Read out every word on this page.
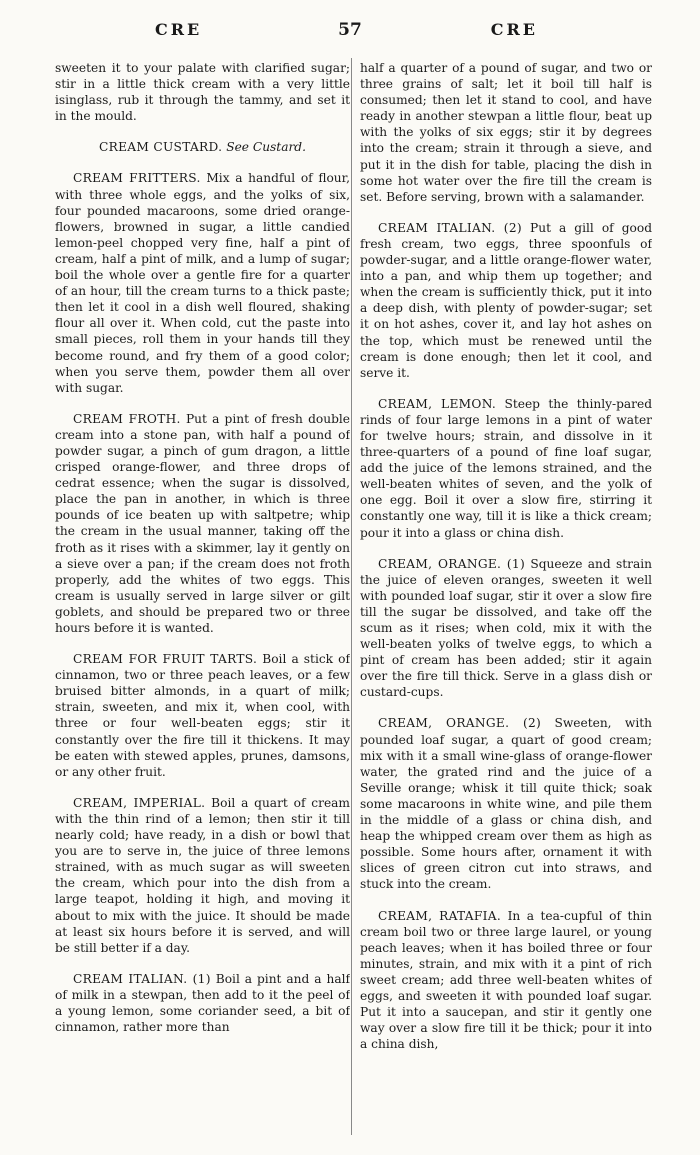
CRE	57	CRE

sweeten it to your palate with clarified sugar; stir in a little thick cream with a very little isinglass, rub it through the tammy, and set it in the mould.

CREAM CUSTARD. See Custard.

CREAM FRITTERS. Mix a handful of flour, with three whole eggs, and the yolks of six, four pounded macaroons, some dried orange-flowers, browned in sugar, a little candied lemon-peel chopped very fine, half a pint of cream, half a pint of milk, and a lump of sugar; boil the whole over a gentle fire for a quarter of an hour, till the cream turns to a thick paste; then let it cool in a dish well floured, shaking flour all over it. When cold, cut the paste into small pieces, roll them in your hands till they become round, and fry them of a good color; when you serve them, powder them all over with sugar.

CREAM FROTH. Put a pint of fresh double cream into a stone pan, with half a pound of powder sugar, a pinch of gum dragon, a little crisped orange-flower, and three drops of cedrat essence; when the sugar is dissolved, place the pan in another, in which is three pounds of ice beaten up with saltpetre; whip the cream in the usual manner, taking off the froth as it rises with a skimmer, lay it gently on a sieve over a pan; if the cream does not froth properly, add the whites of two eggs. This cream is usually served in large silver or gilt goblets, and should be prepared two or three hours before it is wanted.

CREAM FOR FRUIT TARTS. Boil a stick of cinnamon, two or three peach leaves, or a few bruised bitter almonds, in a quart of milk; strain, sweeten, and mix it, when cool, with three or four well-beaten eggs; stir it constantly over the fire till it thickens. It may be eaten with stewed apples, prunes, damsons, or any other fruit.

CREAM, IMPERIAL. Boil a quart of cream with the thin rind of a lemon; then stir it till nearly cold; have ready, in a dish or bowl that you are to serve in, the juice of three lemons strained, with as much sugar as will sweeten the cream, which pour into the dish from a large teapot, holding it high, and moving it about to mix with the juice. It should be made at least six hours before it is served, and will be still better if a day.

CREAM ITALIAN. (1) Boil a pint and a half of milk in a stewpan, then add to it the peel of a young lemon, some coriander seed, a bit of cinnamon, rather more than

half a quarter of a pound of sugar, and two or three grains of salt; let it boil till half is consumed; then let it stand to cool, and have ready in another stewpan a little flour, beat up with the yolks of six eggs; stir it by degrees into the cream; strain it through a sieve, and put it in the dish for table, placing the dish in some hot water over the fire till the cream is set. Before serving, brown with a salamander.

CREAM ITALIAN. (2) Put a gill of good fresh cream, two eggs, three spoonfuls of powder-sugar, and a little orange-flower water, into a pan, and whip them up together; and when the cream is sufficiently thick, put it into a deep dish, with plenty of powder-sugar; set it on hot ashes, cover it, and lay hot ashes on the top, which must be renewed until the cream is done enough; then let it cool, and serve it.

CREAM, LEMON. Steep the thinly-pared rinds of four large lemons in a pint of water for twelve hours; strain, and dissolve in it three-quarters of a pound of fine loaf sugar, add the juice of the lemons strained, and the well-beaten whites of seven, and the yolk of one egg. Boil it over a slow fire, stirring it constantly one way, till it is like a thick cream; pour it into a glass or china dish.

CREAM, ORANGE. (1) Squeeze and strain the juice of eleven oranges, sweeten it well with pounded loaf sugar, stir it over a slow fire till the sugar be dissolved, and take off the scum as it rises; when cold, mix it with the well-beaten yolks of twelve eggs, to which a pint of cream has been added; stir it again over the fire till thick. Serve in a glass dish or custard-cups.

CREAM, ORANGE. (2) Sweeten, with pounded loaf sugar, a quart of good cream; mix with it a small wine-glass of orange-flower water, the grated rind and the juice of a Seville orange; whisk it till quite thick; soak some macaroons in white wine, and pile them in the middle of a glass or china dish, and heap the whipped cream over them as high as possible. Some hours after, ornament it with slices of green citron cut into straws, and stuck into the cream.

CREAM, RATAFIA. In a tea-cupful of thin cream boil two or three large laurel, or young peach leaves; when it has boiled three or four minutes, strain, and mix with it a pint of rich sweet cream; add three well-beaten whites of eggs, and sweeten it with pounded loaf sugar. Put it into a saucepan, and stir it gently one way over a slow fire till it be thick; pour it into a china dish,
